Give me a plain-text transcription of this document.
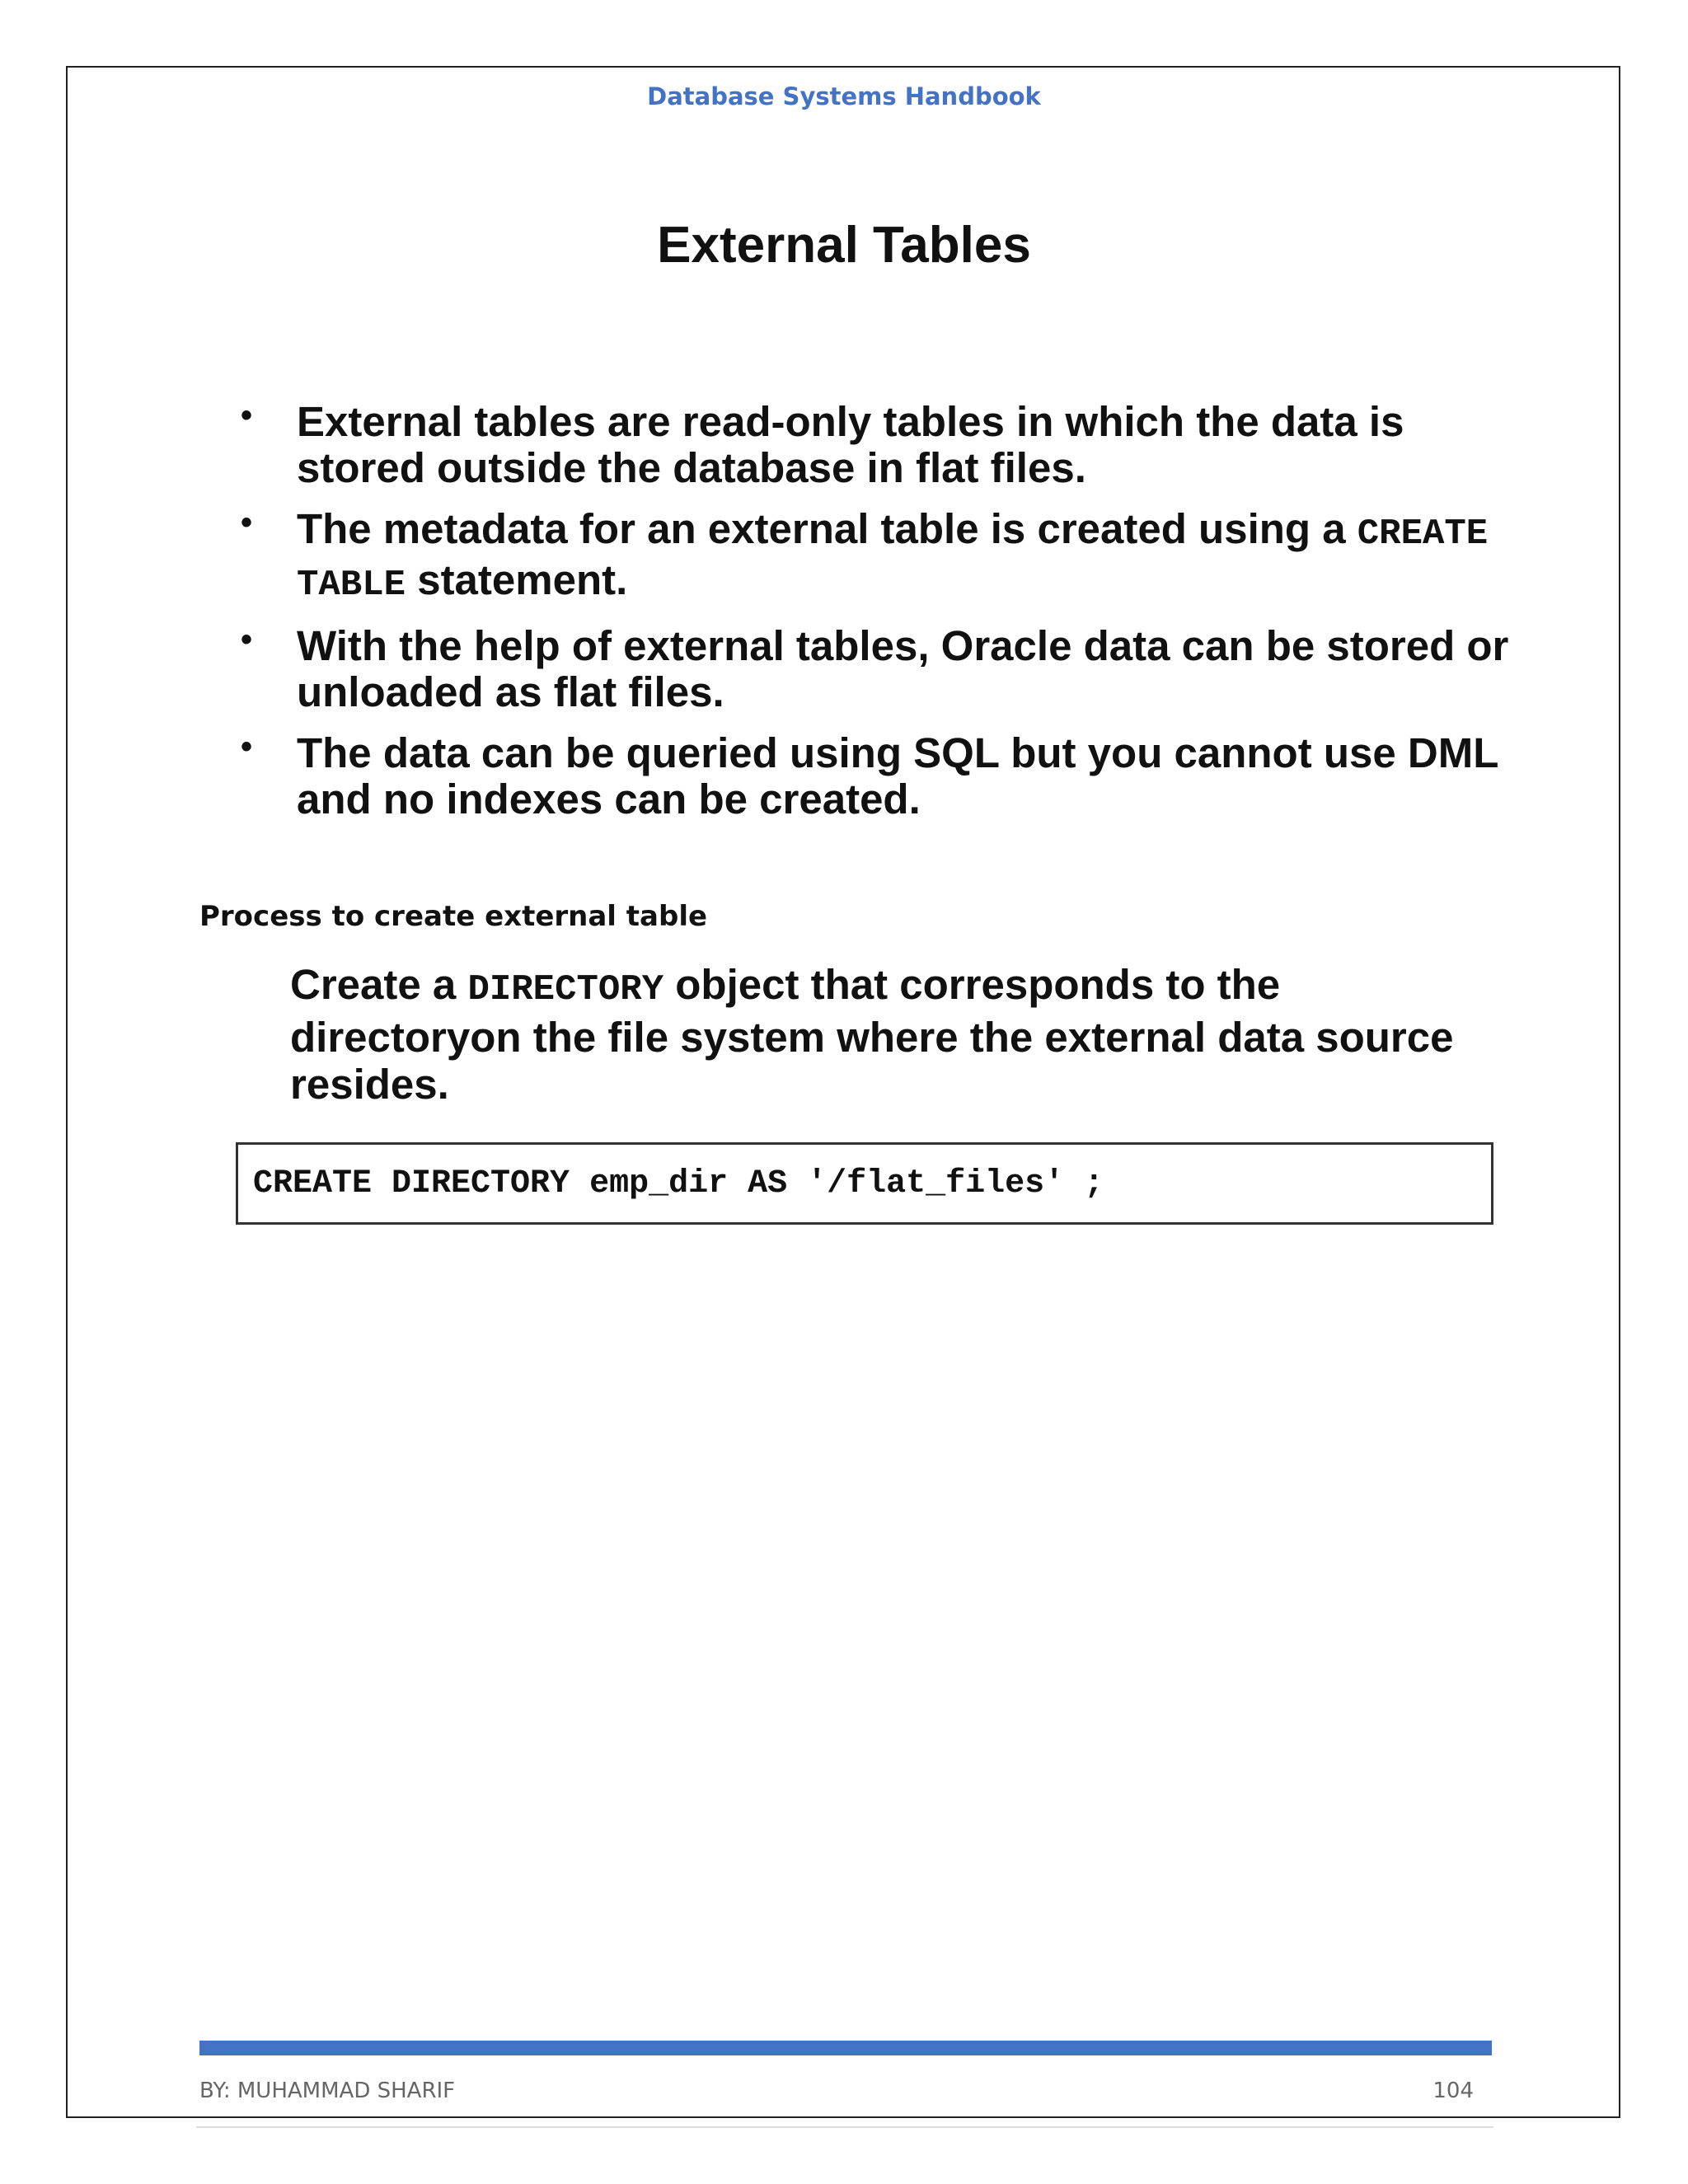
Database Systems Handbook
External Tables
• External tables are read-only tables in which the data is stored outside the database in flat files.
• The metadata for an external table is created using a CREATE TABLE statement.
• With the help of external tables, Oracle data can be stored or unloaded as flat files.
• The data can be queried using SQL but you cannot use DML and no indexes can be created.
Process to create external table
Create a DIRECTORY object that corresponds to the directoryon the file system where the external data source resides.
CREATE DIRECTORY emp_dir AS '/flat_files' ;
BY: MUHAMMAD SHARIF	104
